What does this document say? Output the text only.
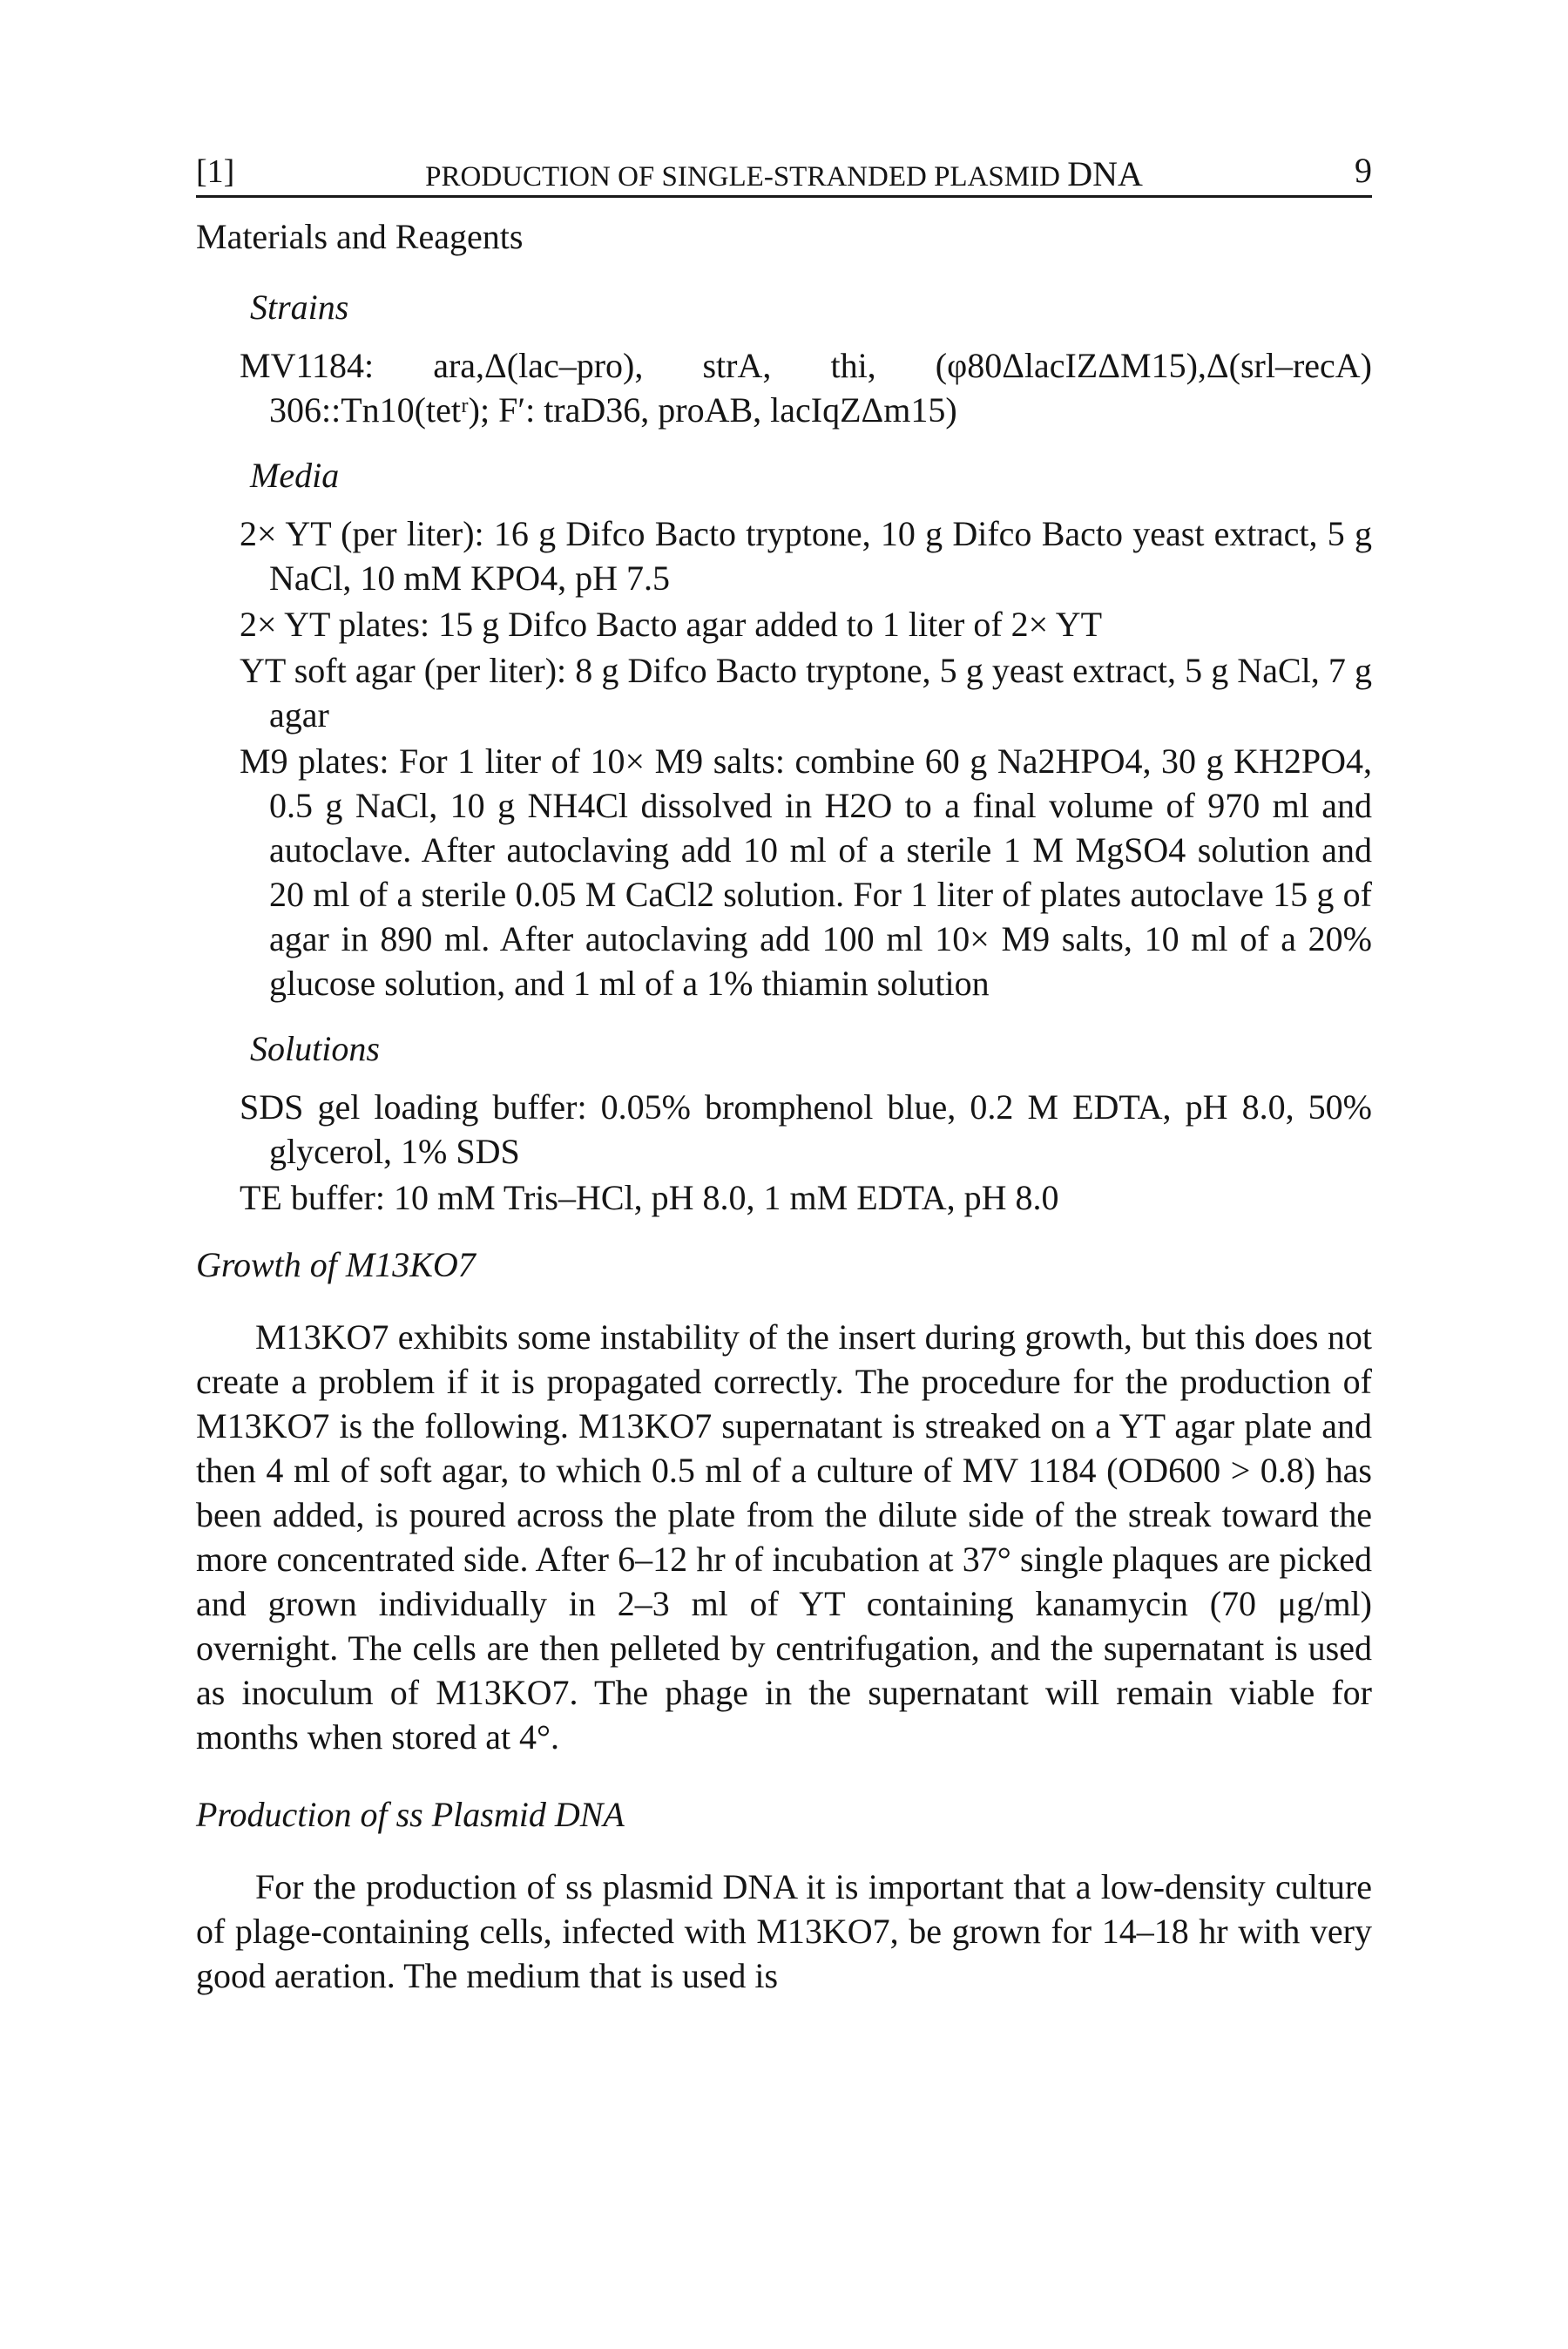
[1]	PRODUCTION OF SINGLE-STRANDED PLASMID DNA	9
Materials and Reagents
Strains
MV1184: ara,Δ(lac–pro), strA, thi, (φ80ΔlacIZΔM15),Δ(srl–recA) 306::Tn10(tetʳ); F′: traD36, proAB, lacIqZΔm15)
Media
2× YT (per liter): 16 g Difco Bacto tryptone, 10 g Difco Bacto yeast extract, 5 g NaCl, 10 mM KPO4, pH 7.5
2× YT plates: 15 g Difco Bacto agar added to 1 liter of 2× YT
YT soft agar (per liter): 8 g Difco Bacto tryptone, 5 g yeast extract, 5 g NaCl, 7 g agar
M9 plates: For 1 liter of 10× M9 salts: combine 60 g Na2HPO4, 30 g KH2PO4, 0.5 g NaCl, 10 g NH4Cl dissolved in H2O to a final volume of 970 ml and autoclave. After autoclaving add 10 ml of a sterile 1 M MgSO4 solution and 20 ml of a sterile 0.05 M CaCl2 solution. For 1 liter of plates autoclave 15 g of agar in 890 ml. After autoclaving add 100 ml 10× M9 salts, 10 ml of a 20% glucose solution, and 1 ml of a 1% thiamin solution
Solutions
SDS gel loading buffer: 0.05% bromphenol blue, 0.2 M EDTA, pH 8.0, 50% glycerol, 1% SDS
TE buffer: 10 mM Tris–HCl, pH 8.0, 1 mM EDTA, pH 8.0
Growth of M13KO7

M13KO7 exhibits some instability of the insert during growth, but this does not create a problem if it is propagated correctly. The procedure for the production of M13KO7 is the following. M13KO7 supernatant is streaked on a YT agar plate and then 4 ml of soft agar, to which 0.5 ml of a culture of MV 1184 (OD600 > 0.8) has been added, is poured across the plate from the dilute side of the streak toward the more concentrated side. After 6–12 hr of incubation at 37° single plaques are picked and grown individually in 2–3 ml of YT containing kanamycin (70 μg/ml) overnight. The cells are then pelleted by centrifugation, and the supernatant is used as inoculum of M13KO7. The phage in the supernatant will remain viable for months when stored at 4°.

Production of ss Plasmid DNA

For the production of ss plasmid DNA it is important that a low-density culture of plage-containing cells, infected with M13KO7, be grown for 14–18 hr with very good aeration. The medium that is used is
